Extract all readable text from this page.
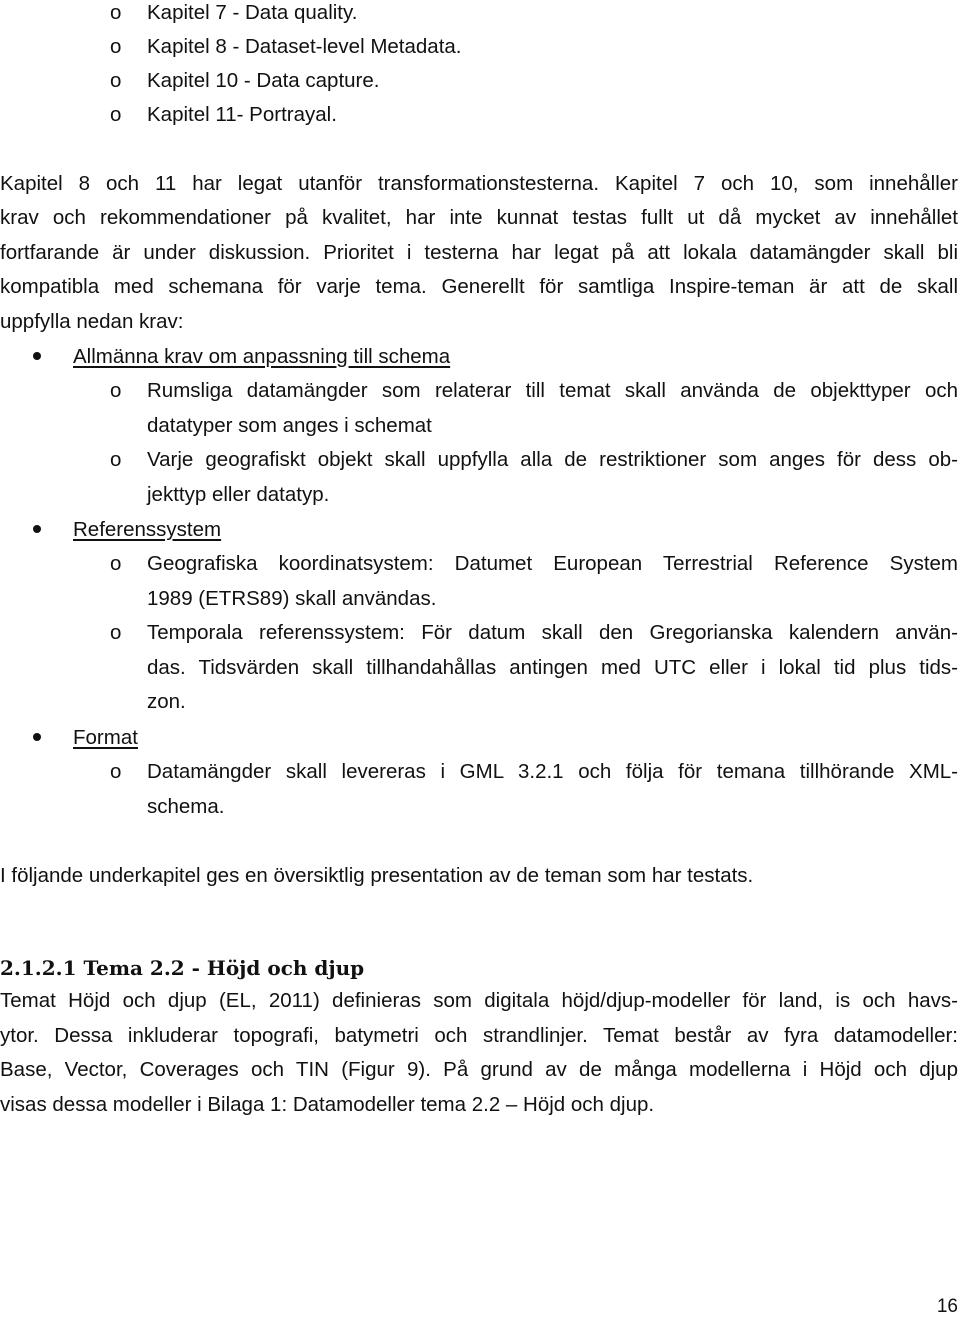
o Kapitel 7 - Data quality.
o Kapitel 8 - Dataset-level Metadata.
o Kapitel 10 - Data capture.
o Kapitel 11- Portrayal.
Kapitel 8 och 11 har legat utanför transformationstesterna. Kapitel 7 och 10, som innehåller
krav och rekommendationer på kvalitet, har inte kunnat testas fullt ut då mycket av innehållet
fortfarande är under diskussion. Prioritet i testerna har legat på att lokala datamängder skall bli
kompatibla med schemana för varje tema. Generellt för samtliga Inspire-teman är att de skall
uppfylla nedan krav:
Allmänna krav om anpassning till schema
o Rumsliga datamängder som relaterar till temat skall använda de objekttyper och
datatyper som anges i schemat
o Varje geografiskt objekt skall uppfylla alla de restriktioner som anges för dess ob-
jekttyp eller datatyp.
Referenssystem
o Geografiska koordinatsystem: Datumet European Terrestrial Reference System
1989 (ETRS89) skall användas.
o Temporala referenssystem: För datum skall den Gregorianska kalendern använ-
das. Tidsvärden skall tillhandahållas antingen med UTC eller i lokal tid plus tids-
zon.
Format
o Datamängder skall levereras i GML 3.2.1 och följa för temana tillhörande XML-
schema.
I följande underkapitel ges en översiktlig presentation av de teman som har testats.
2.1.2.1 Tema 2.2 - Höjd och djup
Temat Höjd och djup (EL, 2011) definieras som digitala höjd/djup-modeller för land, is och havs-
ytor. Dessa inkluderar topografi, batymetri och strandlinjer. Temat består av fyra datamodeller:
Base, Vector, Coverages och TIN (Figur 9). På grund av de många modellerna i Höjd och djup
visas dessa modeller i Bilaga 1: Datamodeller tema 2.2 – Höjd och djup.
16
